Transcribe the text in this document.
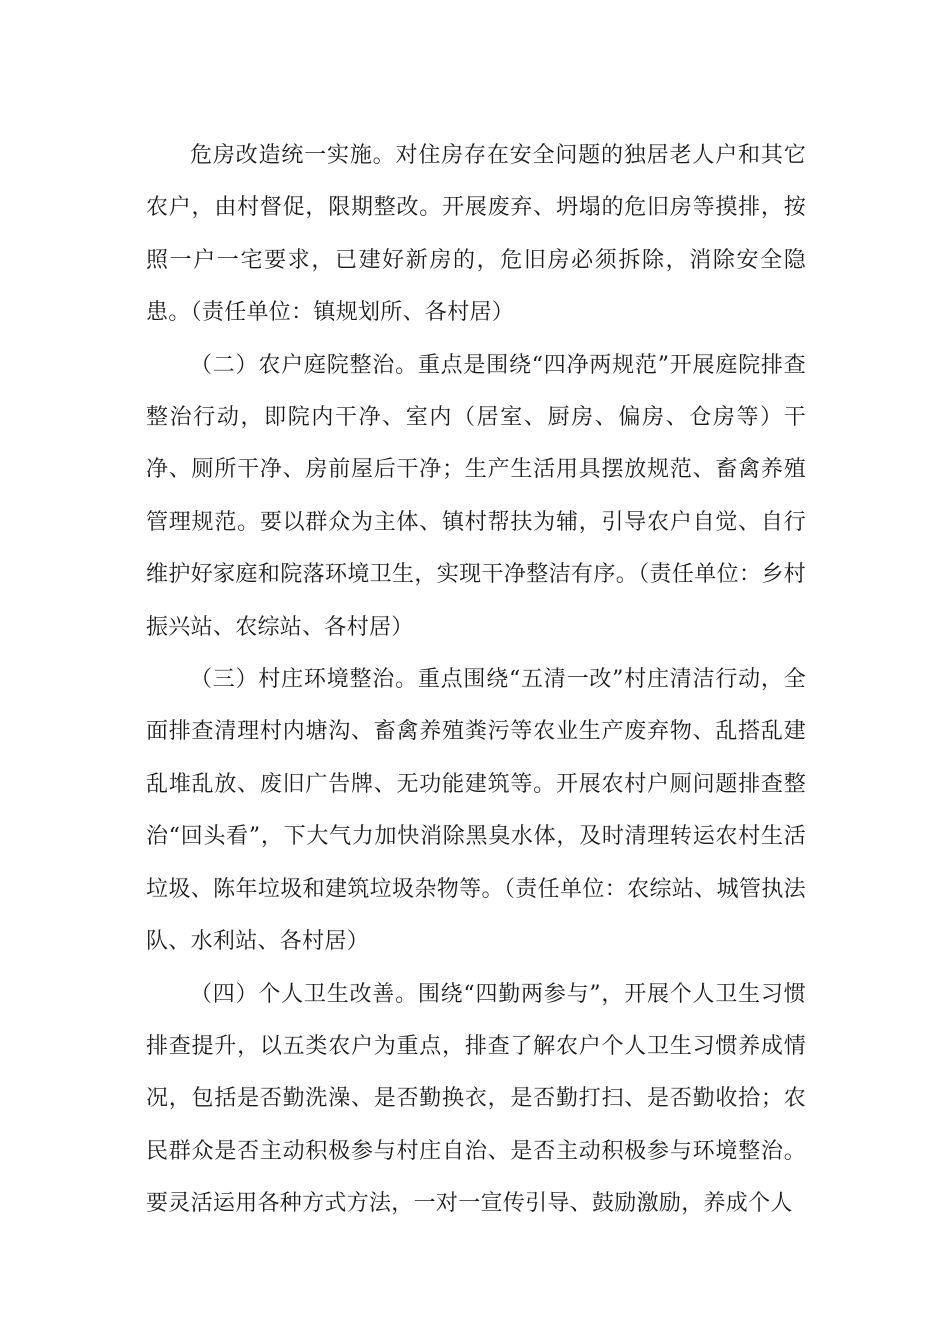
危房改造统一实施。对住房存在安全问题的独居老人户和其它农户，由村督促，限期整改。开展废弃、坍塌的危旧房等摸排，按照一户一宅要求，已建好新房的，危旧房必须拆除，消除安全隐患。（责任单位：镇规划所、各村居）

（二）农户庭院整治。重点是围绕“四净两规范”开展庭院排查整治行动，即院内干净、室内（居室、厨房、偏房、仓房等）干净、厕所干净、房前屋后干净；生产生活用具摆放规范、畜禽养殖管理规范。要以群众为主体、镇村帮扶为辅，引导农户自觉、自行维护好家庭和院落环境卫生，实现干净整洁有序。（责任单位：乡村振兴站、农综站、各村居）

（三）村庄环境整治。重点围绕“五清一改”村庄清洁行动，全面排查清理村内塘沟、畜禽养殖粪污等农业生产废弃物、乱搭乱建乱堆乱放、废旧广告牌、无功能建筑等。开展农村户厕问题排查整治“回头看”，下大气力加快消除黑臭水体，及时清理转运农村生活垃圾、陈年垃圾和建筑垃圾杂物等。（责任单位：农综站、城管执法队、水利站、各村居）

（四）个人卫生改善。围绕“四勤两参与”，开展个人卫生习惯排查提升，以五类农户为重点，排查了解农户个人卫生习惯养成情况，包括是否勤洗澡、是否勤换衣，是否勤打扫、是否勤收拾；农民群众是否主动积极参与村庄自治、是否主动积极参与环境整治。要灵活运用各种方式方法，一对一宣传引导、鼓励激励，养成个人
